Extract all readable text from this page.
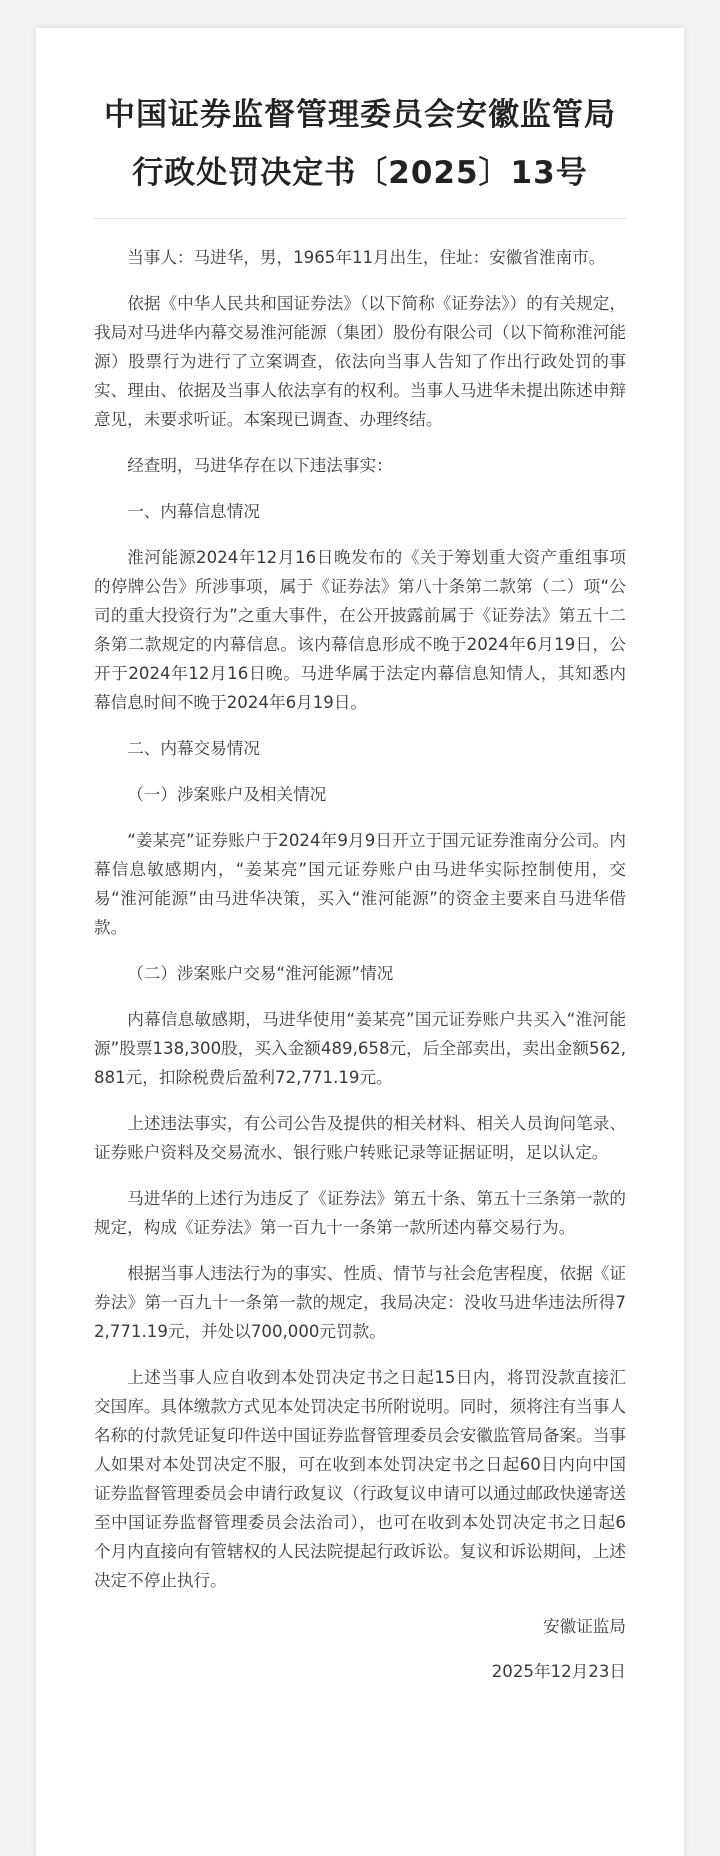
中国证券监督管理委员会安徽监管局
行政处罚决定书〔2025〕13号

当事人：马进华，男，1965年11月出生，住址：安徽省淮南市。

依据《中华人民共和国证券法》（以下简称《证券法》）的有关规定，我局对马进华内幕交易淮河能源（集团）股份有限公司（以下简称淮河能源）股票行为进行了立案调查，依法向当事人告知了作出行政处罚的事实、理由、依据及当事人依法享有的权利。当事人马进华未提出陈述申辩意见，未要求听证。本案现已调查、办理终结。

经查明，马进华存在以下违法事实：

一、内幕信息情况

淮河能源2024年12月16日晚发布的《关于筹划重大资产重组事项的停牌公告》所涉事项，属于《证券法》第八十条第二款第（二）项“公司的重大投资行为”之重大事件，在公开披露前属于《证券法》第五十二条第二款规定的内幕信息。该内幕信息形成不晚于2024年6月19日，公开于2024年12月16日晚。马进华属于法定内幕信息知情人，其知悉内幕信息时间不晚于2024年6月19日。

二、内幕交易情况

（一）涉案账户及相关情况

“姜某亮”证券账户于2024年9月9日开立于国元证券淮南分公司。内幕信息敏感期内，“姜某亮”国元证券账户由马进华实际控制使用，交易“淮河能源”由马进华决策，买入“淮河能源”的资金主要来自马进华借款。

（二）涉案账户交易“淮河能源”情况

内幕信息敏感期，马进华使用“姜某亮”国元证券账户共买入“淮河能源”股票138,300股，买入金额489,658元，后全部卖出，卖出金额562,881元，扣除税费后盈利72,771.19元。

上述违法事实，有公司公告及提供的相关材料、相关人员询问笔录、证券账户资料及交易流水、银行账户转账记录等证据证明，足以认定。

马进华的上述行为违反了《证券法》第五十条、第五十三条第一款的规定，构成《证券法》第一百九十一条第一款所述内幕交易行为。

根据当事人违法行为的事实、性质、情节与社会危害程度，依据《证券法》第一百九十一条第一款的规定，我局决定：没收马进华违法所得72,771.19元，并处以700,000元罚款。

上述当事人应自收到本处罚决定书之日起15日内，将罚没款直接汇交国库。具体缴款方式见本处罚决定书所附说明。同时，须将注有当事人名称的付款凭证复印件送中国证券监督管理委员会安徽监管局备案。当事人如果对本处罚决定不服，可在收到本处罚决定书之日起60日内向中国证券监督管理委员会申请行政复议（行政复议申请可以通过邮政快递寄送至中国证券监督管理委员会法治司），也可在收到本处罚决定书之日起6个月内直接向有管辖权的人民法院提起行政诉讼。复议和诉讼期间，上述决定不停止执行。

安徽证监局
2025年12月23日
